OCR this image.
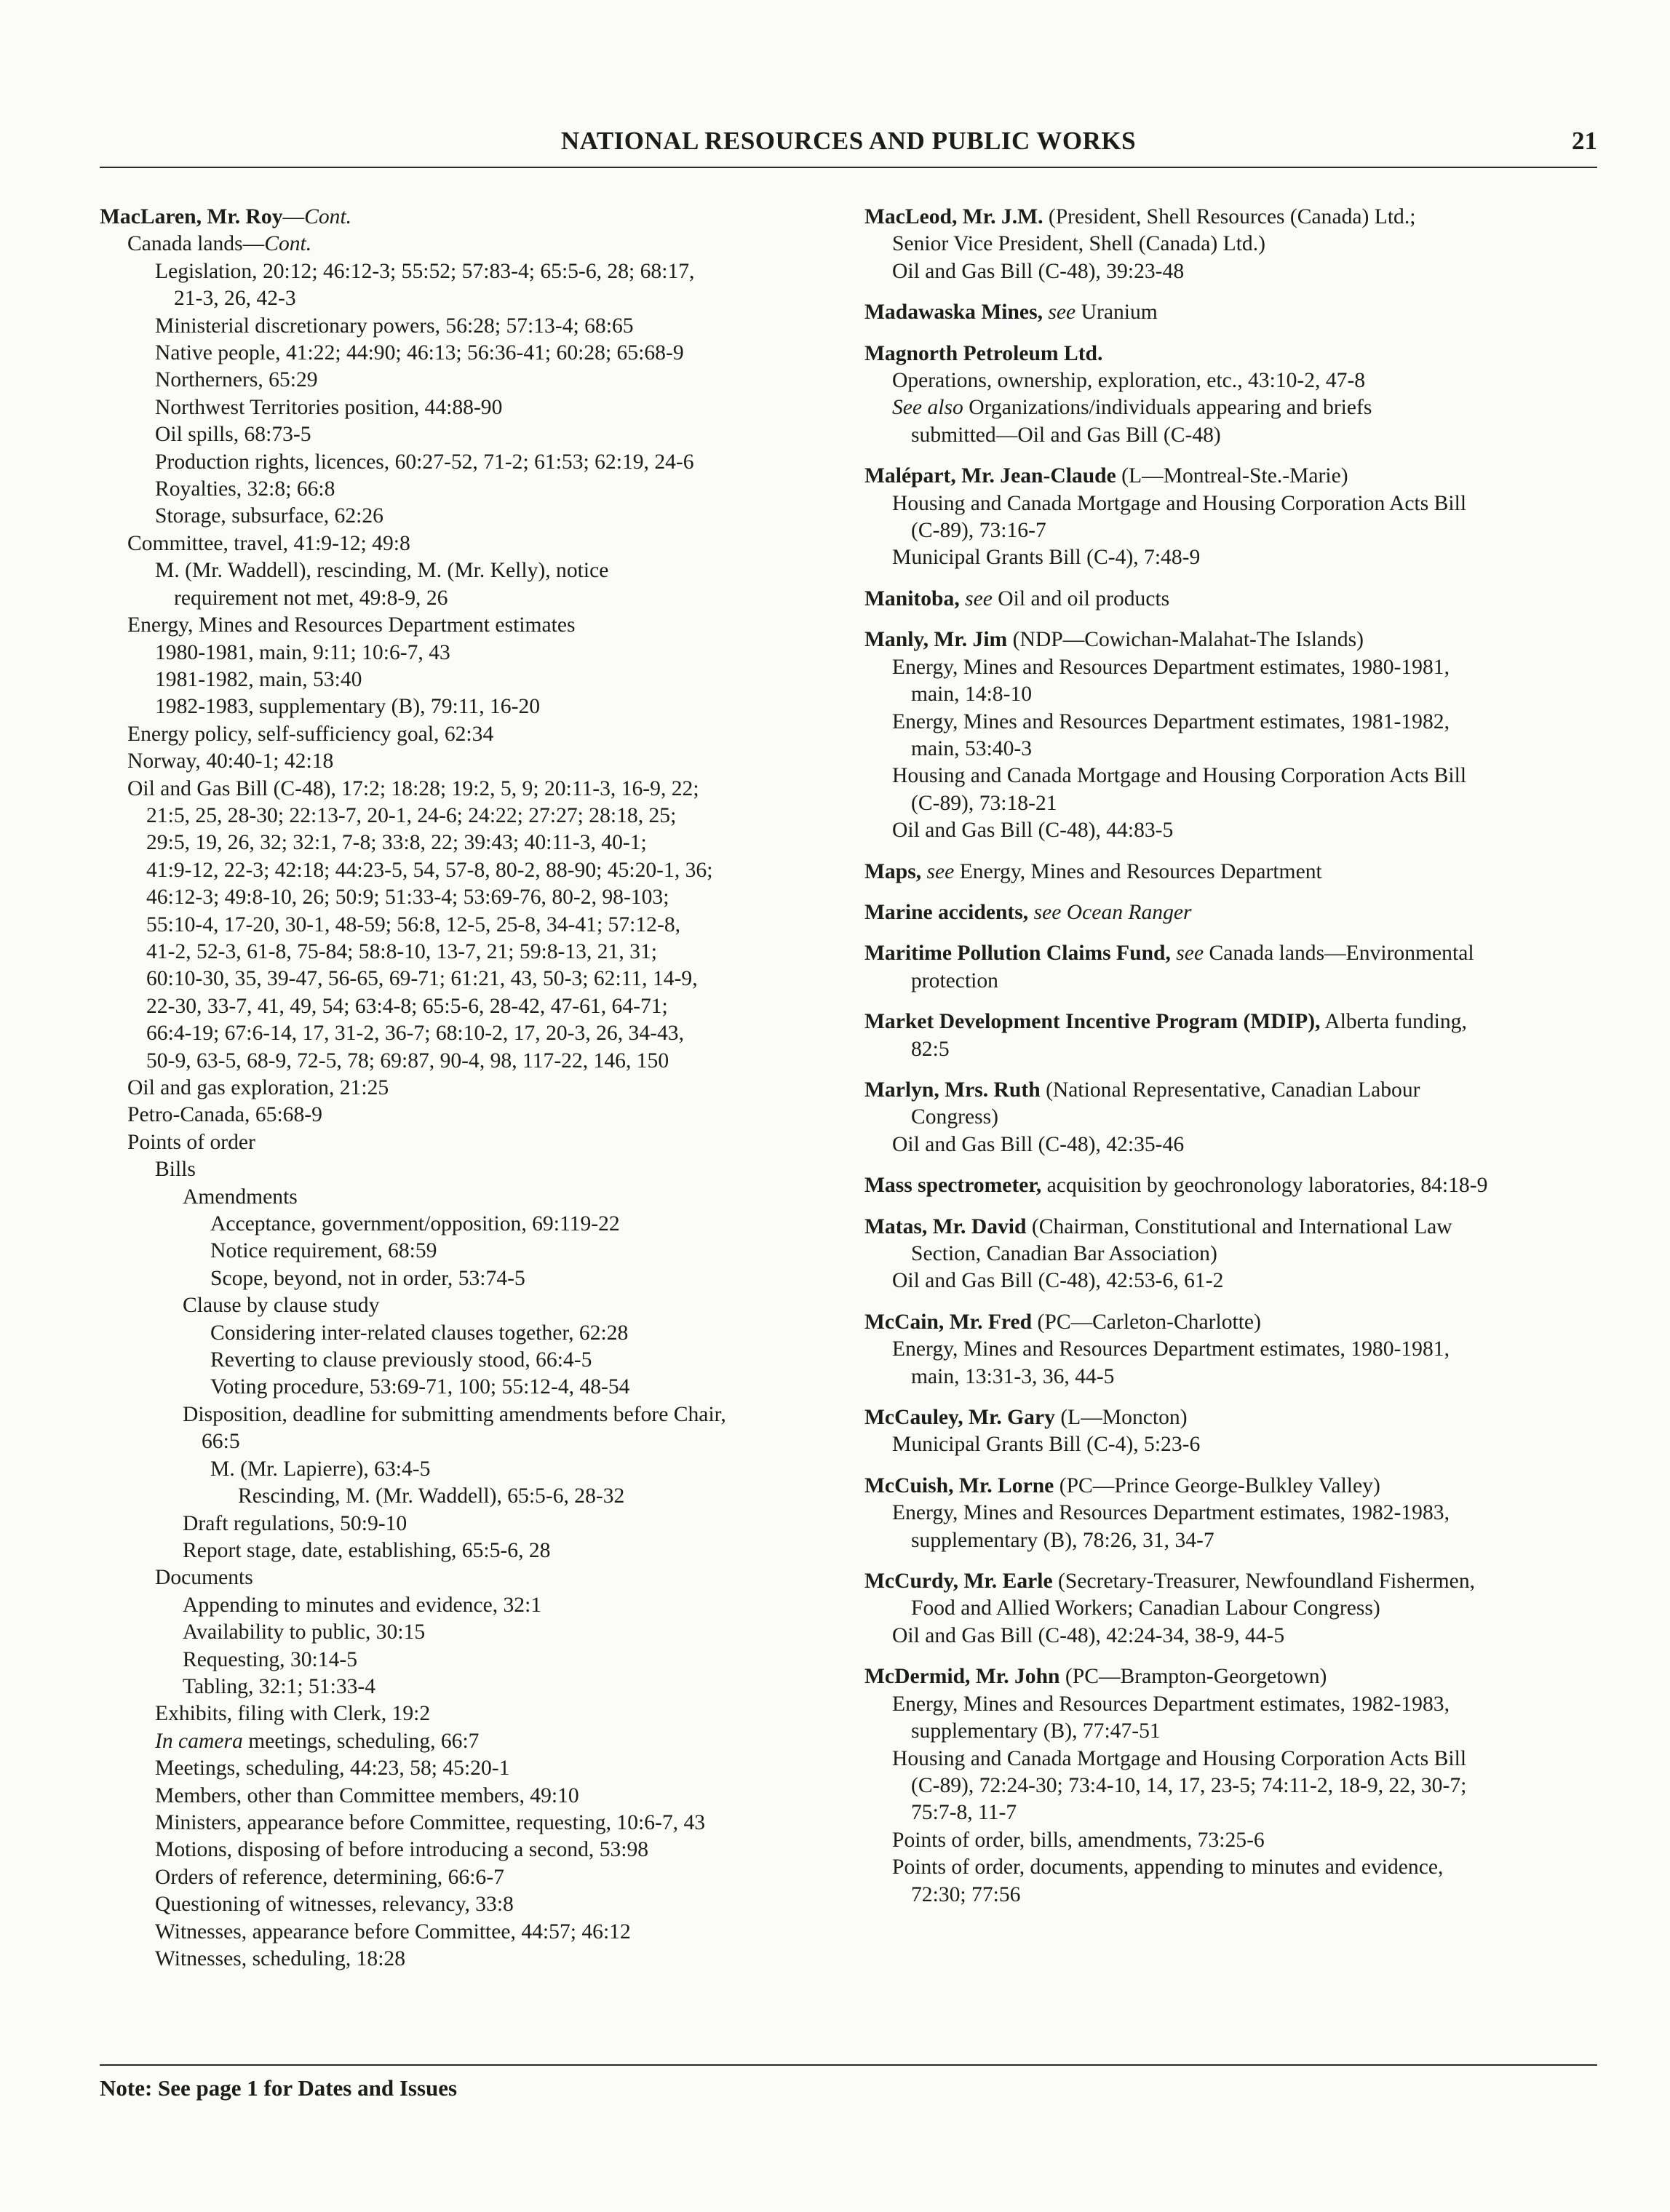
NATIONAL RESOURCES AND PUBLIC WORKS	21
MacLaren, Mr. Roy—Cont.
Canada lands—Cont.
Legislation, 20:12; 46:12-3; 55:52; 57:83-4; 65:5-6, 28; 68:17,
21-3, 26, 42-3
Ministerial discretionary powers, 56:28; 57:13-4; 68:65
Native people, 41:22; 44:90; 46:13; 56:36-41; 60:28; 65:68-9
Northerners, 65:29
Northwest Territories position, 44:88-90
Oil spills, 68:73-5
Production rights, licences, 60:27-52, 71-2; 61:53; 62:19, 24-6
Royalties, 32:8; 66:8
Storage, subsurface, 62:26
Committee, travel, 41:9-12; 49:8
M. (Mr. Waddell), rescinding, M. (Mr. Kelly), notice
requirement not met, 49:8-9, 26
Energy, Mines and Resources Department estimates
1980-1981, main, 9:11; 10:6-7, 43
1981-1982, main, 53:40
1982-1983, supplementary (B), 79:11, 16-20
Energy policy, self-sufficiency goal, 62:34
Norway, 40:40-1; 42:18
Oil and Gas Bill (C-48), 17:2; 18:28; 19:2, 5, 9; 20:11-3, 16-9, 22;
21:5, 25, 28-30; 22:13-7, 20-1, 24-6; 24:22; 27:27; 28:18, 25;
29:5, 19, 26, 32; 32:1, 7-8; 33:8, 22; 39:43; 40:11-3, 40-1;
41:9-12, 22-3; 42:18; 44:23-5, 54, 57-8, 80-2, 88-90; 45:20-1, 36;
46:12-3; 49:8-10, 26; 50:9; 51:33-4; 53:69-76, 80-2, 98-103;
55:10-4, 17-20, 30-1, 48-59; 56:8, 12-5, 25-8, 34-41; 57:12-8,
41-2, 52-3, 61-8, 75-84; 58:8-10, 13-7, 21; 59:8-13, 21, 31;
60:10-30, 35, 39-47, 56-65, 69-71; 61:21, 43, 50-3; 62:11, 14-9,
22-30, 33-7, 41, 49, 54; 63:4-8; 65:5-6, 28-42, 47-61, 64-71;
66:4-19; 67:6-14, 17, 31-2, 36-7; 68:10-2, 17, 20-3, 26, 34-43,
50-9, 63-5, 68-9, 72-5, 78; 69:87, 90-4, 98, 117-22, 146, 150
Oil and gas exploration, 21:25
Petro-Canada, 65:68-9
Points of order
Bills
Amendments
Acceptance, government/opposition, 69:119-22
Notice requirement, 68:59
Scope, beyond, not in order, 53:74-5
Clause by clause study
Considering inter-related clauses together, 62:28
Reverting to clause previously stood, 66:4-5
Voting procedure, 53:69-71, 100; 55:12-4, 48-54
Disposition, deadline for submitting amendments before Chair,
66:5
M. (Mr. Lapierre), 63:4-5
Rescinding, M. (Mr. Waddell), 65:5-6, 28-32
Draft regulations, 50:9-10
Report stage, date, establishing, 65:5-6, 28
Documents
Appending to minutes and evidence, 32:1
Availability to public, 30:15
Requesting, 30:14-5
Tabling, 32:1; 51:33-4
Exhibits, filing with Clerk, 19:2
In camera meetings, scheduling, 66:7
Meetings, scheduling, 44:23, 58; 45:20-1
Members, other than Committee members, 49:10
Ministers, appearance before Committee, requesting, 10:6-7, 43
Motions, disposing of before introducing a second, 53:98
Orders of reference, determining, 66:6-7
Questioning of witnesses, relevancy, 33:8
Witnesses, appearance before Committee, 44:57; 46:12
Witnesses, scheduling, 18:28
MacLeod, Mr. J.M. (President, Shell Resources (Canada) Ltd.;
Senior Vice President, Shell (Canada) Ltd.)
Oil and Gas Bill (C-48), 39:23-48
Madawaska Mines, see Uranium
Magnorth Petroleum Ltd.
Operations, ownership, exploration, etc., 43:10-2, 47-8
See also Organizations/individuals appearing and briefs
submitted—Oil and Gas Bill (C-48)
Malépart, Mr. Jean-Claude (L—Montreal-Ste.-Marie)
Housing and Canada Mortgage and Housing Corporation Acts Bill
(C-89), 73:16-7
Municipal Grants Bill (C-4), 7:48-9
Manitoba, see Oil and oil products
Manly, Mr. Jim (NDP—Cowichan-Malahat-The Islands)
Energy, Mines and Resources Department estimates, 1980-1981,
main, 14:8-10
Energy, Mines and Resources Department estimates, 1981-1982,
main, 53:40-3
Housing and Canada Mortgage and Housing Corporation Acts Bill
(C-89), 73:18-21
Oil and Gas Bill (C-48), 44:83-5
Maps, see Energy, Mines and Resources Department
Marine accidents, see Ocean Ranger
Maritime Pollution Claims Fund, see Canada lands—Environmental
protection
Market Development Incentive Program (MDIP), Alberta funding,
82:5
Marlyn, Mrs. Ruth (National Representative, Canadian Labour
Congress)
Oil and Gas Bill (C-48), 42:35-46
Mass spectrometer, acquisition by geochronology laboratories, 84:18-9
Matas, Mr. David (Chairman, Constitutional and International Law
Section, Canadian Bar Association)
Oil and Gas Bill (C-48), 42:53-6, 61-2
McCain, Mr. Fred (PC—Carleton-Charlotte)
Energy, Mines and Resources Department estimates, 1980-1981,
main, 13:31-3, 36, 44-5
McCauley, Mr. Gary (L—Moncton)
Municipal Grants Bill (C-4), 5:23-6
McCuish, Mr. Lorne (PC—Prince George-Bulkley Valley)
Energy, Mines and Resources Department estimates, 1982-1983,
supplementary (B), 78:26, 31, 34-7
McCurdy, Mr. Earle (Secretary-Treasurer, Newfoundland Fishermen,
Food and Allied Workers; Canadian Labour Congress)
Oil and Gas Bill (C-48), 42:24-34, 38-9, 44-5
McDermid, Mr. John (PC—Brampton-Georgetown)
Energy, Mines and Resources Department estimates, 1982-1983,
supplementary (B), 77:47-51
Housing and Canada Mortgage and Housing Corporation Acts Bill
(C-89), 72:24-30; 73:4-10, 14, 17, 23-5; 74:11-2, 18-9, 22, 30-7;
75:7-8, 11-7
Points of order, bills, amendments, 73:25-6
Points of order, documents, appending to minutes and evidence,
72:30; 77:56
Note: See page 1 for Dates and Issues
